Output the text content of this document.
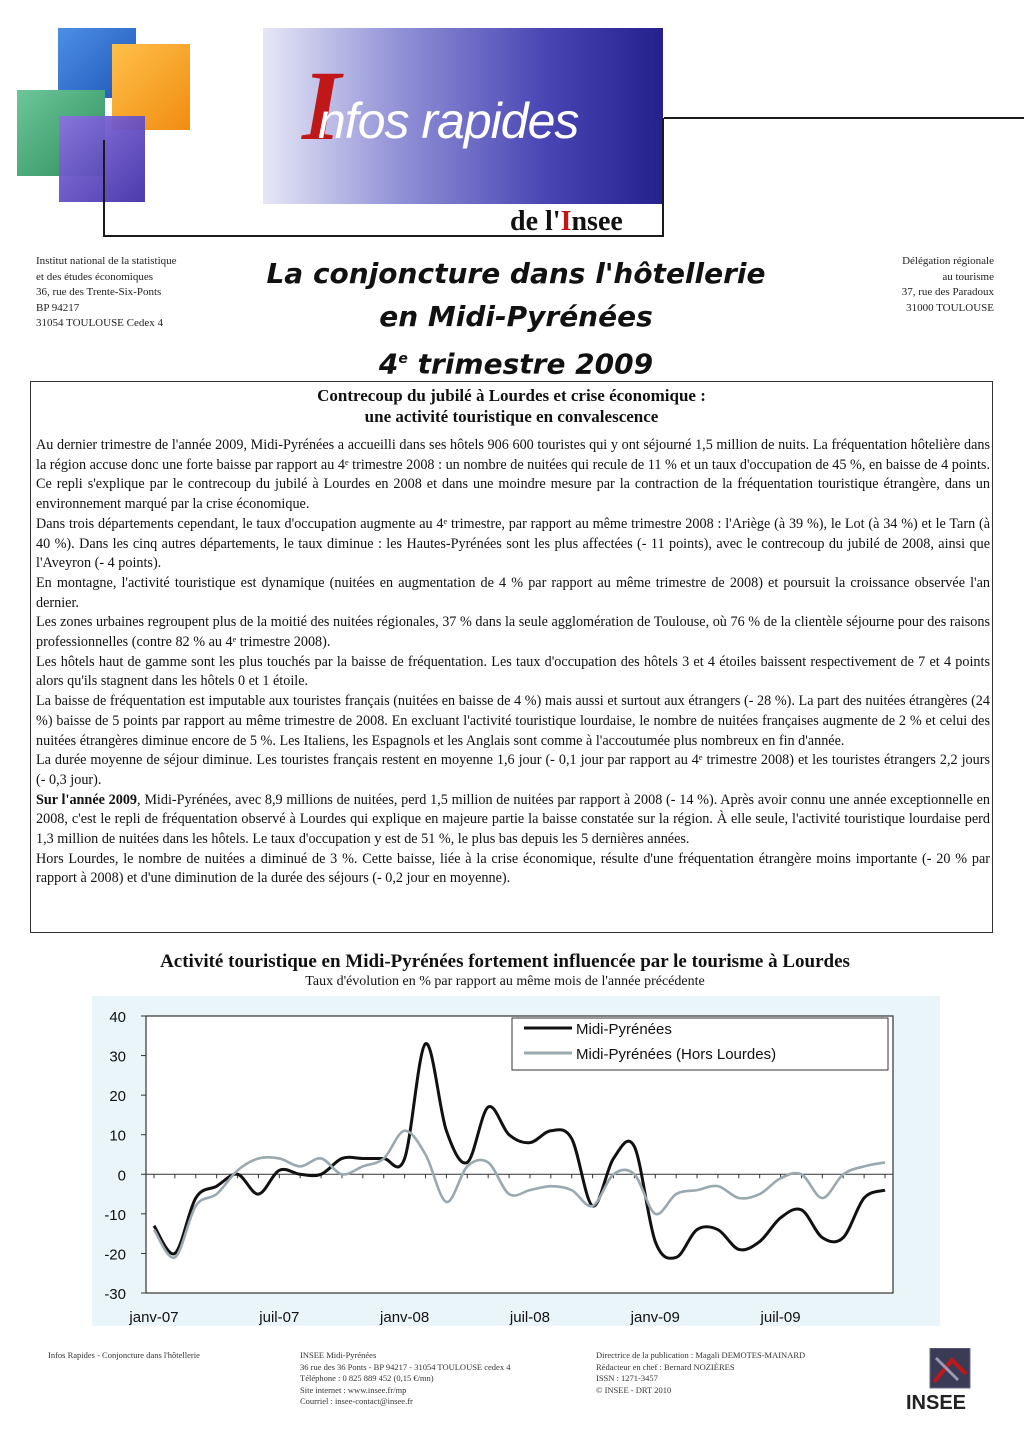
I
nfos rapides
de l'Insee
Institut national de la statistique
et des études économiques
36, rue des Trente-Six-Ponts
BP 94217
31054 TOULOUSE Cedex 4
Délégation régionale
au tourisme
37, rue des Paradoux
31000 TOULOUSE
La conjoncture dans l'hôtellerie
en Midi-Pyrénées
4e trimestre 2009
Contrecoup du jubilé à Lourdes et crise économique :
une activité touristique en convalescence

Au dernier trimestre de l'année 2009, Midi-Pyrénées a accueilli dans ses hôtels 906 600 touristes qui y ont séjourné 1,5 million de nuits. La fréquentation hôtelière dans la région accuse donc une forte baisse par rapport au 4ᵉ trimestre 2008 : un nombre de nuitées qui recule de 11 % et un taux d'occupation de 45 %, en baisse de 4 points. Ce repli s'explique par le contrecoup du jubilé à Lourdes en 2008 et dans une moindre mesure par la contraction de la fréquentation touristique étrangère, dans un environnement marqué par la crise économique.

Dans trois départements cependant, le taux d'occupation augmente au 4ᵉ trimestre, par rapport au même trimestre 2008 : l'Ariège (à 39 %), le Lot (à 34 %) et le Tarn (à 40 %). Dans les cinq autres départements, le taux diminue : les Hautes-Pyrénées sont les plus affectées (- 11 points), avec le contrecoup du jubilé de 2008, ainsi que l'Aveyron (- 4 points).

En montagne, l'activité touristique est dynamique (nuitées en augmentation de 4 % par rapport au même trimestre de 2008) et poursuit la croissance observée l'an dernier.

Les zones urbaines regroupent plus de la moitié des nuitées régionales, 37 % dans la seule agglomération de Toulouse, où 76 % de la clientèle séjourne pour des raisons professionnelles (contre 82 % au 4ᵉ trimestre 2008).

Les hôtels haut de gamme sont les plus touchés par la baisse de fréquentation. Les taux d'occupation des hôtels 3 et 4 étoiles baissent respectivement de 7 et 4 points alors qu'ils stagnent dans les hôtels 0 et 1 étoile.

La baisse de fréquentation est imputable aux touristes français (nuitées en baisse de 4 %) mais aussi et surtout aux étrangers (- 28 %). La part des nuitées étrangères (24 %) baisse de 5 points par rapport au même trimestre de 2008. En excluant l'activité touristique lourdaise, le nombre de nuitées françaises augmente de 2 % et celui des nuitées étrangères diminue encore de 5 %. Les Italiens, les Espagnols et les Anglais sont comme à l'accoutumée plus nombreux en fin d'année.

La durée moyenne de séjour diminue. Les touristes français restent en moyenne 1,6 jour (- 0,1 jour par rapport au 4ᵉ trimestre 2008) et les touristes étrangers 2,2 jours (- 0,3 jour).

Sur l'année 2009, Midi-Pyrénées, avec 8,9 millions de nuitées, perd 1,5 million de nuitées par rapport à 2008 (- 14 %). Après avoir connu une année exceptionnelle en 2008, c'est le repli de fréquentation observé à Lourdes qui explique en majeure partie la baisse constatée sur la région. À elle seule, l'activité touristique lourdaise perd 1,3 million de nuitées dans les hôtels. Le taux d'occupation y est de 51 %, le plus bas depuis les 5 dernières années.

Hors Lourdes, le nombre de nuitées a diminué de 3 %. Cette baisse, liée à la crise économique, résulte d'une fréquentation étrangère moins importante (- 20 % par rapport à 2008) et d'une diminution de la durée des séjours (- 0,2 jour en moyenne).

Activité touristique en Midi-Pyrénées fortement influencée par le tourisme à Lourdes
Taux d'évolution en % par rapport au même mois de l'année précédente
40
30
20
10
0
-10
-20
-30
janv-07	juil-07	janv-08	juil-08	janv-09	juil-09
Midi-Pyrénées
Midi-Pyrénées (Hors Lourdes)
Infos Rapides - Conjoncture dans l'hôtellerie	INSEE Midi-Pyrénées
36 rue des 36 Ponts - BP 94217 - 31054 TOULOUSE cedex 4
Téléphone : 0 825 889 452 (0,15 €/mn)
Site internet : www.insee.fr/mp
Courriel : insee-contact@insee.fr
Directrice de la publication : Magali DEMOTES-MAINARD
Rédacteur en chef : Bernard NOZIÈRES
ISSN : 1271-3457
© INSEE - DRT 2010
INSEE
